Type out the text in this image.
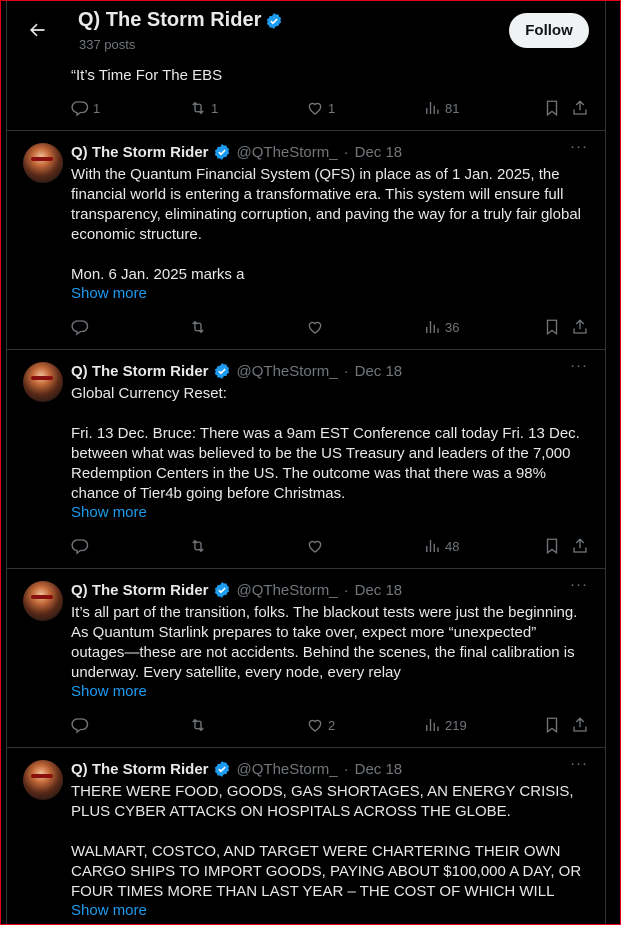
Q) The Storm Rider
337 posts
Follow
“It’s Time For The EBS
1	1	1	81
Q) The Storm Rider @QTheStorm_ · Dec 18	···
With the Quantum Financial System (QFS) in place as of 1 Jan. 2025, the financial world is entering a transformative era. This system will ensure full transparency, eliminating corruption, and paving the way for a truly fair global economic structure.

Mon. 6 Jan. 2025 marks a
Show more
36
Q) The Storm Rider @QTheStorm_ · Dec 18	···
Global Currency Reset:

Fri. 13 Dec. Bruce: There was a 9am EST Conference call today Fri. 13 Dec. between what was believed to be the US Treasury and leaders of the 7,000 Redemption Centers in the US. The outcome was that there was a 98% chance of Tier4b going before Christmas.
Show more
48
Q) The Storm Rider @QTheStorm_ · Dec 18	···
It’s all part of the transition, folks. The blackout tests were just the beginning. As Quantum Starlink prepares to take over, expect more “unexpected” outages—these are not accidents. Behind the scenes, the final calibration is underway. Every satellite, every node, every relay
Show more
2	219
Q) The Storm Rider @QTheStorm_ · Dec 18	···
THERE WERE FOOD, GOODS, GAS SHORTAGES, AN ENERGY CRISIS, PLUS CYBER ATTACKS ON HOSPITALS ACROSS THE GLOBE.

WALMART, COSTCO, AND TARGET WERE CHARTERING THEIR OWN CARGO SHIPS TO IMPORT GOODS, PAYING ABOUT $100,000 A DAY, OR FOUR TIMES MORE THAN LAST YEAR – THE COST OF WHICH WILL
Show more
